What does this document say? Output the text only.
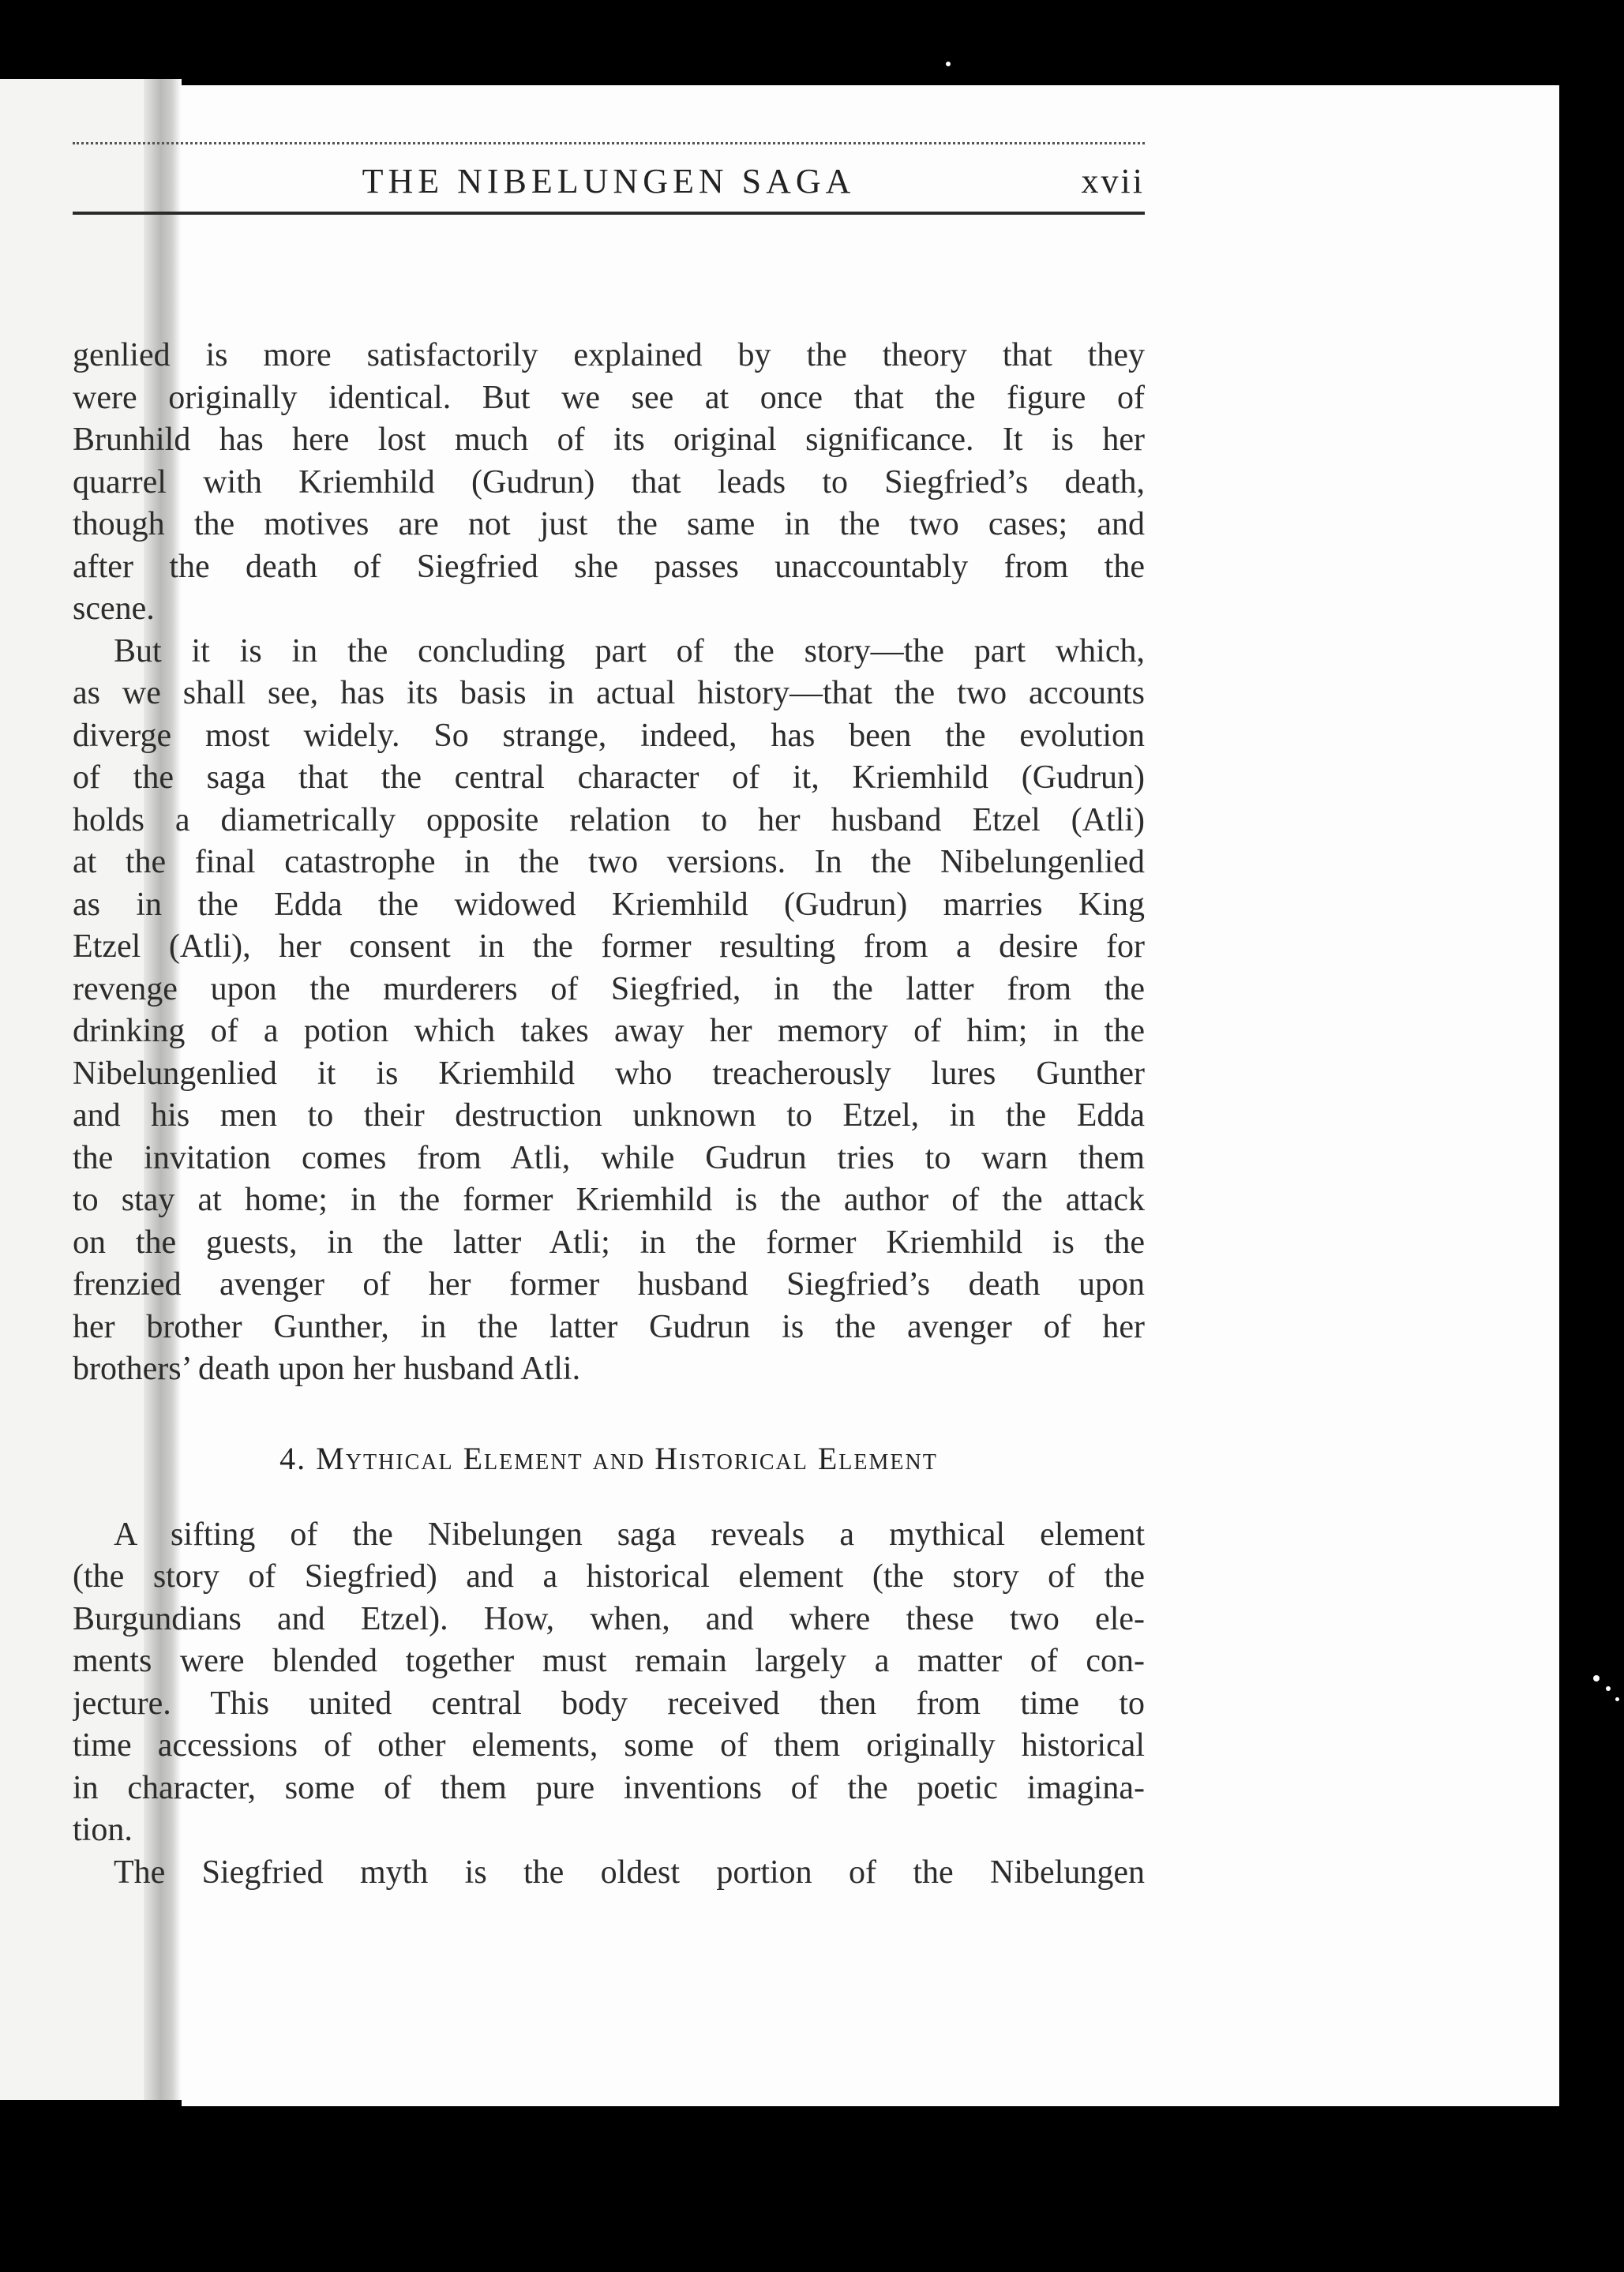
THE NIBELUNGEN SAGA	xvii
genlied is more satisfactorily explained by the theory that they
were originally identical. But we see at once that the figure of
Brunhild has here lost much of its original significance. It is her
quarrel with Kriemhild (Gudrun) that leads to Siegfried’s death,
though the motives are not just the same in the two cases; and
after the death of Siegfried she passes unaccountably from the
scene.
But it is in the concluding part of the story—the part which,
as we shall see, has its basis in actual history—that the two accounts
diverge most widely. So strange, indeed, has been the evolution
of the saga that the central character of it, Kriemhild (Gudrun)
holds a diametrically opposite relation to her husband Etzel (Atli)
at the final catastrophe in the two versions. In the Nibelungenlied
as in the Edda the widowed Kriemhild (Gudrun) marries King
Etzel (Atli), her consent in the former resulting from a desire for
revenge upon the murderers of Siegfried, in the latter from the
drinking of a potion which takes away her memory of him; in the
Nibelungenlied it is Kriemhild who treacherously lures Gunther
and his men to their destruction unknown to Etzel, in the Edda
the invitation comes from Atli, while Gudrun tries to warn them
to stay at home; in the former Kriemhild is the author of the attack
on the guests, in the latter Atli; in the former Kriemhild is the
frenzied avenger of her former husband Siegfried’s death upon
her brother Gunther, in the latter Gudrun is the avenger of her
brothers’ death upon her husband Atli.
4. Mythical Element and Historical Element
A sifting of the Nibelungen saga reveals a mythical element
(the story of Siegfried) and a historical element (the story of the
Burgundians and Etzel). How, when, and where these two ele-
ments were blended together must remain largely a matter of con-
jecture. This united central body received then from time to
time accessions of other elements, some of them originally historical
in character, some of them pure inventions of the poetic imagina-
tion.
The Siegfried myth is the oldest portion of the Nibelungen
